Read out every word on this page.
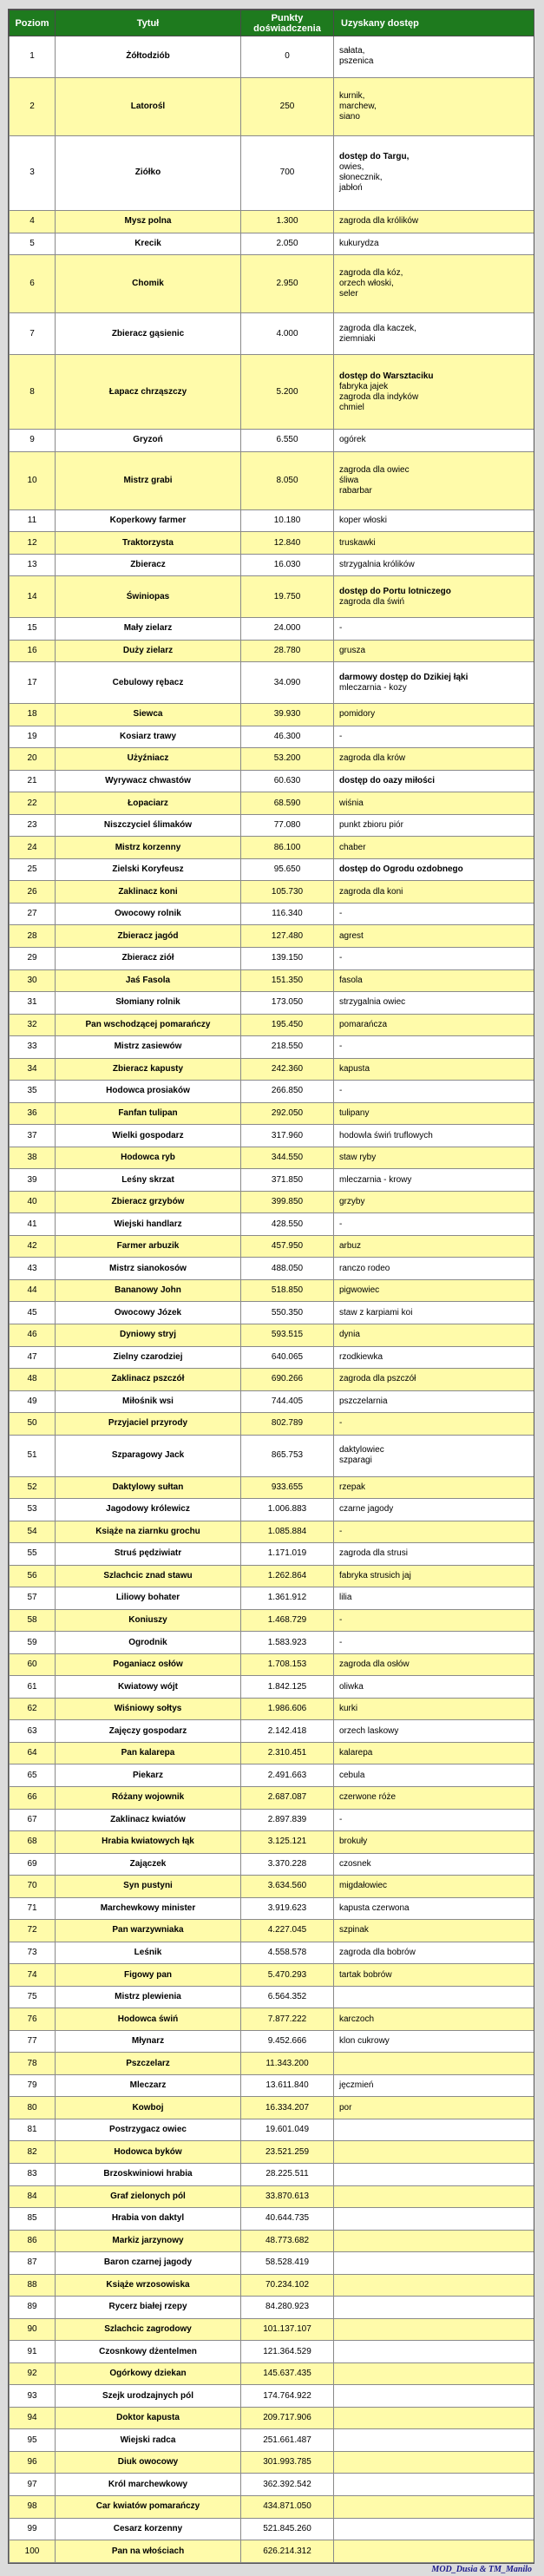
Poziom	Tytuł	Punkty doświadczenia	Uzyskany dostęp
1	Żółtodziób	0	sałata,
pszenica

2	Latorośl	250	kurnik,
marchew,
siano

3	Ziółko	700	dostęp do Targu,
owies,
słonecznik,
jabłoń

4	Mysz polna	1.300	zagroda dla królików

5	Krecik	2.050	kukurydza

6	Chomik	2.950	zagroda dla kóz,
orzech włoski,
seler

7	Zbieracz gąsienic	4.000	zagroda dla kaczek,
ziemniaki

8	Łapacz chrząszczy	5.200	dostęp do Warsztaciku
fabryka jajek
zagroda dla indyków
chmiel

9	Gryzoń	6.550	ogórek

10	Mistrz grabi	8.050	zagroda dla owiec
śliwa
rabarbar

11	Koperkowy farmer	10.180	koper włoski

12	Traktorzysta	12.840	truskawki

13	Zbieracz	16.030	strzygalnia królików

14	Świniopas	19.750	dostęp do Portu lotniczego
zagroda dla świń

15	Mały zielarz	24.000	-

16	Duży zielarz	28.780	grusza

17	Cebulowy rębacz	34.090	darmowy dostęp do Dzikiej łąki
mleczarnia - kozy

18	Siewca	39.930	pomidory

19	Kosiarz trawy	46.300	-

20	Użyźniacz	53.200	zagroda dla krów

21	Wyrywacz chwastów	60.630	dostęp do oazy miłości

22	Łopaciarz	68.590	wiśnia

23	Niszczyciel ślimaków	77.080	punkt zbioru piór

24	Mistrz korzenny	86.100	chaber

25	Zielski Koryfeusz	95.650	dostęp do Ogrodu ozdobnego

26	Zaklinacz koni	105.730	zagroda dla koni

27	Owocowy rolnik	116.340	-

28	Zbieracz jagód	127.480	agrest

29	Zbieracz ziół	139.150	-

30	Jaś Fasola	151.350	fasola

31	Słomiany rolnik	173.050	strzygalnia owiec

32	Pan wschodzącej pomarańczy	195.450	pomarańcza

33	Mistrz zasiewów	218.550	-

34	Zbieracz kapusty	242.360	kapusta

35	Hodowca prosiaków	266.850	-

36	Fanfan tulipan	292.050	tulipany

37	Wielki gospodarz	317.960	hodowla świń truflowych

38	Hodowca ryb	344.550	staw ryby

39	Leśny skrzat	371.850	mleczarnia - krowy

40	Zbieracz grzybów	399.850	grzyby

41	Wiejski handlarz	428.550	-

42	Farmer arbuzik	457.950	arbuz

43	Mistrz sianokosów	488.050	ranczo rodeo

44	Bananowy John	518.850	pigwowiec

45	Owocowy Józek	550.350	staw z karpiami koi

46	Dyniowy stryj	593.515	dynia

47	Zielny czarodziej	640.065	rzodkiewka

48	Zaklinacz pszczół	690.266	zagroda dla pszczół

49	Miłośnik wsi	744.405	pszczelarnia

50	Przyjaciel przyrody	802.789	-

51	Szparagowy Jack	865.753	daktylowiec
szparagi

52	Daktylowy sułtan	933.655	rzepak

53	Jagodowy królewicz	1.006.883	czarne jagody

54	Książe na ziarnku grochu	1.085.884	-

55	Struś pędziwiatr	1.171.019	zagroda dla strusi

56	Szlachcic znad stawu	1.262.864	fabryka strusich jaj

57	Liliowy bohater	1.361.912	lilia

58	Koniuszy	1.468.729	-

59	Ogrodnik	1.583.923	-

60	Poganiacz osłów	1.708.153	zagroda dla osłów

61	Kwiatowy wójt	1.842.125	oliwka

62	Wiśniowy sołtys	1.986.606	kurki

63	Zajęczy gospodarz	2.142.418	orzech laskowy

64	Pan kalarepa	2.310.451	kalarepa

65	Piekarz	2.491.663	cebula

66	Różany wojownik	2.687.087	czerwone róże

67	Zaklinacz kwiatów	2.897.839	-

68	Hrabia kwiatowych łąk	3.125.121	brokuły

69	Zajączek	3.370.228	czosnek

70	Syn pustyni	3.634.560	migdałowiec

71	Marchewkowy minister	3.919.623	kapusta czerwona

72	Pan warzywniaka	4.227.045	szpinak

73	Leśnik	4.558.578	zagroda dla bobrów

74	Figowy pan	5.470.293	tartak bobrów

75	Mistrz plewienia	6.564.352	

76	Hodowca świń	7.877.222	karczoch

77	Młynarz	9.452.666	klon cukrowy

78	Pszczelarz	11.343.200	

79	Mleczarz	13.611.840	jęczmień

80	Kowboj	16.334.207	por

81	Postrzygacz owiec	19.601.049	

82	Hodowca byków	23.521.259	

83	Brzoskwiniowi hrabia	28.225.511	

84	Graf zielonych pól	33.870.613	

85	Hrabia von daktyl	40.644.735	

86	Markiz jarzynowy	48.773.682	

87	Baron czarnej jagody	58.528.419	

88	Książe wrzosowiska	70.234.102	

89	Rycerz białej rzepy	84.280.923	

90	Szlachcic zagrodowy	101.137.107	

91	Czosnkowy dżentelmen	121.364.529	

92	Ogórkowy dziekan	145.637.435	

93	Szejk urodzajnych pól	174.764.922	

94	Doktor kapusta	209.717.906	

95	Wiejski radca	251.661.487	

96	Diuk owocowy	301.993.785	

97	Król marchewkowy	362.392.542	

98	Car kwiatów pomarańczy	434.871.050	

99	Cesarz korzenny	521.845.260	

100	Pan na włościach	626.214.312	
MOD_Dusia & TM_Manilo
